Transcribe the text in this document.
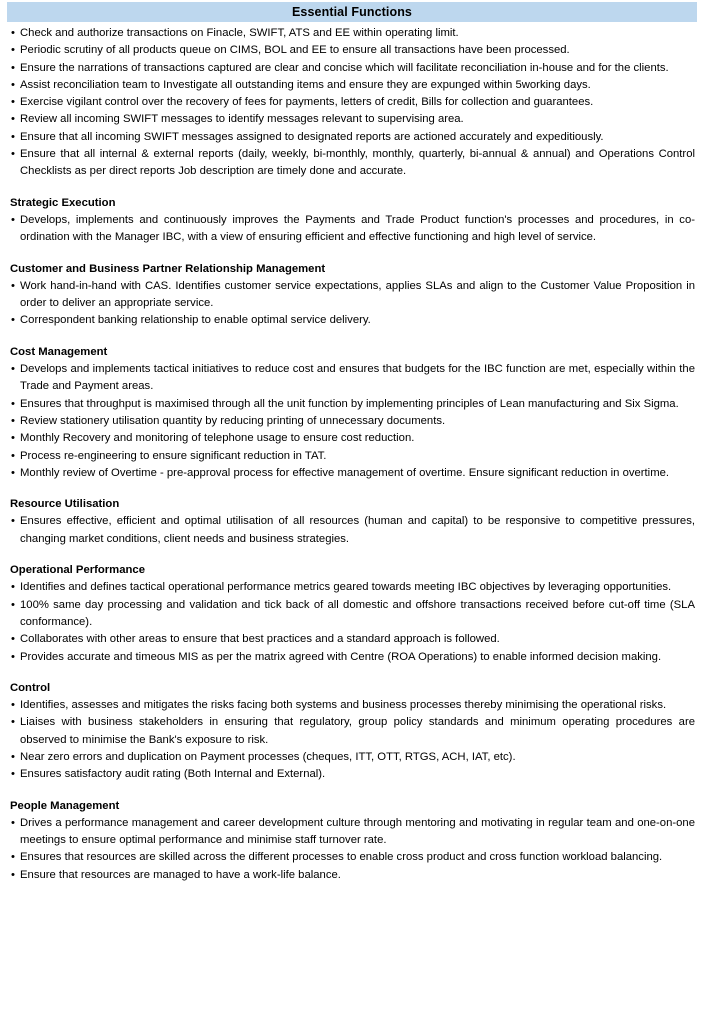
Essential Functions
• Check and authorize transactions on Finacle, SWIFT, ATS and EE within operating limit.
• Periodic scrutiny of all products queue on CIMS, BOL and EE to ensure all transactions have been processed.
• Ensure the narrations of transactions captured are clear and concise which will facilitate reconciliation in-house and for the clients.
• Assist reconciliation team to Investigate all outstanding items and ensure they are expunged within 5working days.
• Exercise vigilant control over the recovery of fees for payments, letters of credit, Bills for collection and guarantees.
• Review all incoming SWIFT messages to identify messages relevant to supervising area.
• Ensure that all incoming SWIFT messages assigned to designated reports are actioned accurately and expeditiously.
• Ensure that all internal & external reports (daily, weekly, bi-monthly, monthly, quarterly, bi-annual & annual) and Operations Control Checklists as per direct reports Job description are timely done and accurate.
Strategic Execution
• Develops, implements and continuously improves the Payments and Trade Product function's processes and procedures, in co-ordination with the Manager IBC, with a view of ensuring efficient and effective functioning and high level of service.
Customer and Business Partner Relationship Management
• Work hand-in-hand with CAS. Identifies customer service expectations, applies SLAs and align to the Customer Value Proposition in order to deliver an appropriate service.
• Correspondent banking relationship to enable optimal service delivery.
Cost Management
• Develops and implements tactical initiatives to reduce cost and ensures that budgets for the IBC function are met, especially within the Trade and Payment areas.
• Ensures that throughput is maximised through all the unit function by implementing principles of Lean manufacturing and Six Sigma.
• Review stationery utilisation quantity by reducing printing of unnecessary documents.
• Monthly Recovery and monitoring of telephone usage to ensure cost reduction.
• Process re-engineering to ensure significant reduction in TAT.
• Monthly review of Overtime - pre-approval process for effective management of overtime. Ensure significant reduction in overtime.
Resource Utilisation
• Ensures effective, efficient and optimal utilisation of all resources (human and capital) to be responsive to competitive pressures, changing market conditions, client needs and business strategies.
Operational Performance
• Identifies and defines tactical operational performance metrics geared towards meeting IBC objectives by leveraging opportunities.
• 100% same day processing and validation and tick back of all domestic and offshore transactions received before cut-off time (SLA conformance).
• Collaborates with other areas to ensure that best practices and a standard approach is followed.
• Provides accurate and timeous MIS as per the matrix agreed with Centre (ROA Operations) to enable informed decision making.
Control
• Identifies, assesses and mitigates the risks facing both systems and business processes thereby minimising the operational risks.
• Liaises with business stakeholders in ensuring that regulatory, group policy standards and minimum operating procedures are observed to minimise the Bank's exposure to risk.
• Near zero errors and duplication on Payment processes (cheques, ITT, OTT, RTGS, ACH, IAT, etc).
• Ensures satisfactory audit rating (Both Internal and External).
People Management
• Drives a performance management and career development culture through mentoring and motivating in regular team and one-on-one meetings to ensure optimal performance and minimise staff turnover rate.
• Ensures that resources are skilled across the different processes to enable cross product and cross function workload balancing.
• Ensure that resources are managed to have a work-life balance.
